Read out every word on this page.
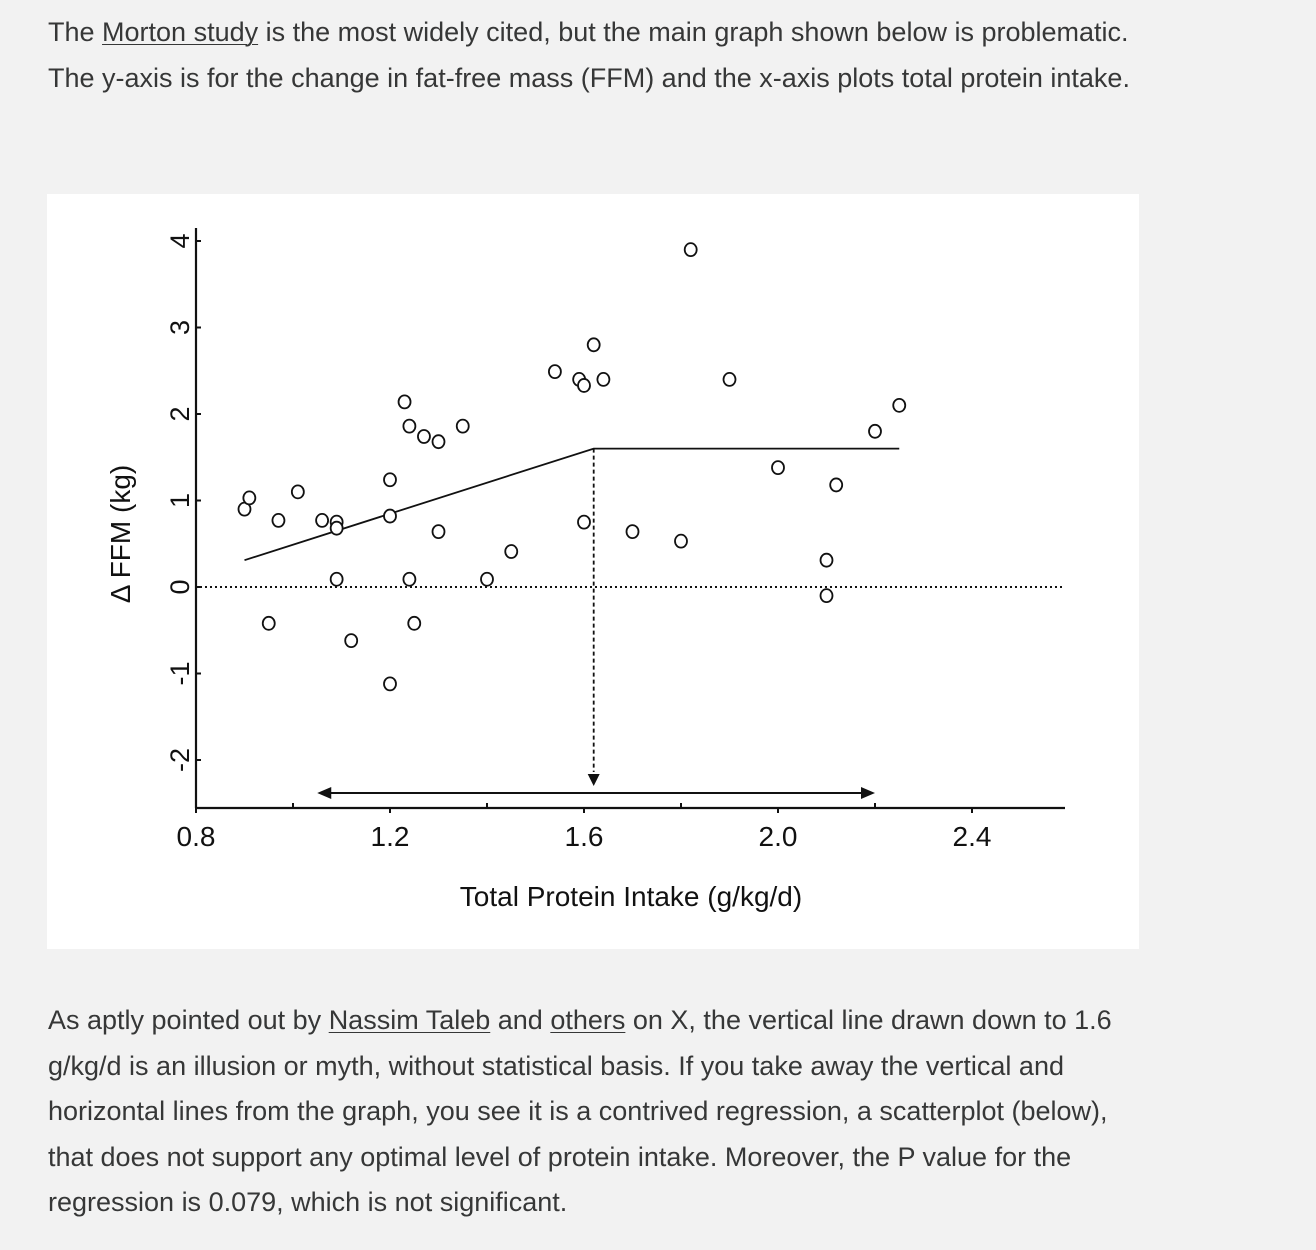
The Morton study is the most widely cited, but the main graph shown below is problematic. The y-axis is for the change in fat-free mass (FFM) and the x-axis plots total protein intake.

0.8	1.2	1.6	2.0	2.4
4
3
2
1
0
-1
-2
Total Protein Intake (g/kg/d)
Δ FFM (kg)

As aptly pointed out by Nassim Taleb and others on X, the vertical line drawn down to 1.6 g/kg/d is an illusion or myth, without statistical basis. If you take away the vertical and horizontal lines from the graph, you see it is a contrived regression, a scatterplot (below), that does not support any optimal level of protein intake. Moreover, the P value for the regression is 0.079, which is not significant.
